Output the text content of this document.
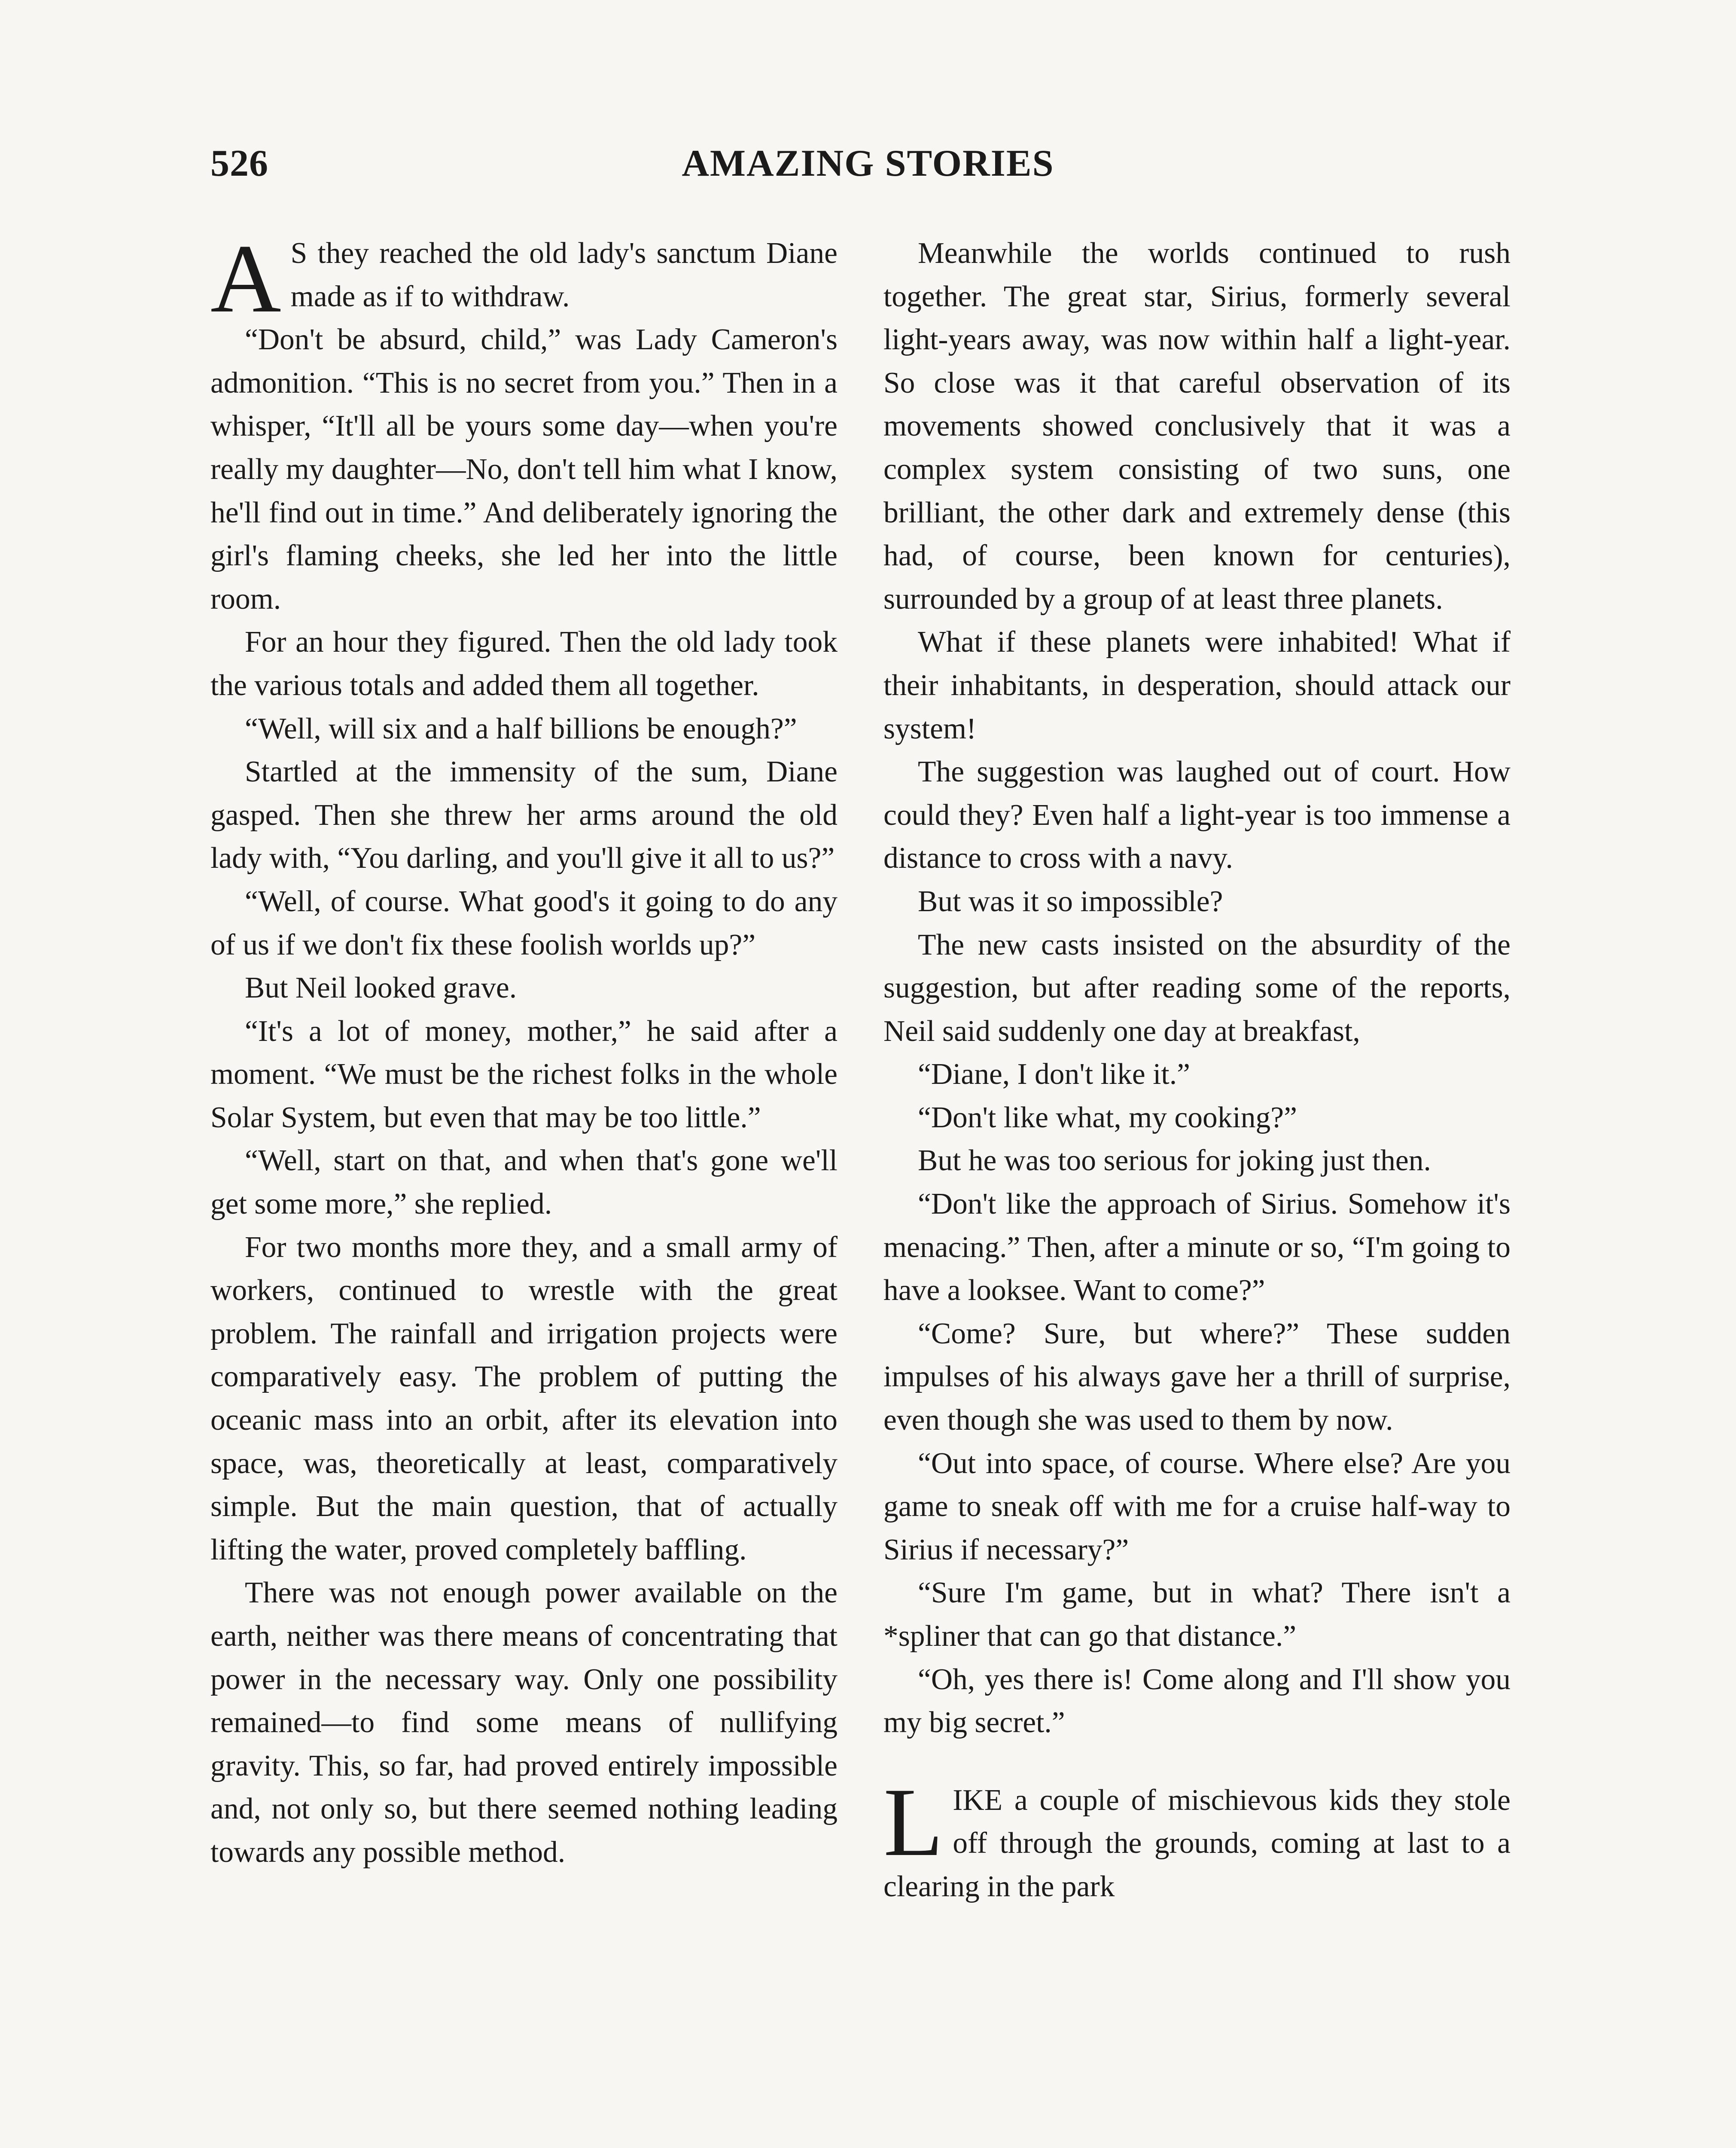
526	AMAZING STORIES

A S they reached the old lady's sanctum Diane made as if to withdraw.

“Don't be absurd, child,” was Lady Cameron's admonition. “This is no secret from you.” Then in a whisper, “It'll all be yours some day—when you're really my daughter—No, don't tell him what I know, he'll find out in time.” And deliberately ignoring the girl's flaming cheeks, she led her into the little room.

For an hour they figured. Then the old lady took the various totals and added them all together.

“Well, will six and a half billions be enough?”

Startled at the immensity of the sum, Diane gasped. Then she threw her arms around the old lady with, “You darling, and you'll give it all to us?”

“Well, of course. What good's it going to do any of us if we don't fix these foolish worlds up?”

But Neil looked grave.

“It's a lot of money, mother,” he said after a moment. “We must be the richest folks in the whole Solar System, but even that may be too little.”

“Well, start on that, and when that's gone we'll get some more,” she replied.

For two months more they, and a small army of workers, continued to wrestle with the great problem. The rainfall and irrigation projects were comparatively easy. The problem of putting the oceanic mass into an orbit, after its elevation into space, was, theoretically at least, comparatively simple. But the main question, that of actually lifting the water, proved completely baffling.

There was not enough power available on the earth, neither was there means of concentrating that power in the necessary way. Only one possibility remained—to find some means of nullifying gravity. This, so far, had proved entirely impossible and, not only so, but there seemed nothing leading towards any possible method.

Meanwhile the worlds continued to rush together. The great star, Sirius, formerly several light-years away, was now within half a light-year. So close was it that careful observation of its movements showed conclusively that it was a complex system consisting of two suns, one brilliant, the other dark and extremely dense (this had, of course, been known for centuries), surrounded by a group of at least three planets.

What if these planets were inhabited! What if their inhabitants, in desperation, should attack our system!

The suggestion was laughed out of court. How could they? Even half a light-year is too immense a distance to cross with a navy.

But was it so impossible?

The new casts insisted on the absurdity of the suggestion, but after reading some of the reports, Neil said suddenly one day at breakfast,

“Diane, I don't like it.”

“Don't like what, my cooking?”

But he was too serious for joking just then.

“Don't like the approach of Sirius. Somehow it's menacing.” Then, after a minute or so, “I'm going to have a looksee. Want to come?”

“Come? Sure, but where?” These sudden impulses of his always gave her a thrill of surprise, even though she was used to them by now.

“Out into space, of course. Where else? Are you game to sneak off with me for a cruise half-way to Sirius if necessary?”

“Sure I'm game, but in what? There isn't a *spliner that can go that distance.”

“Oh, yes there is! Come along and I'll show you my big secret.”

LIKE a couple of mischievous kids they stole off through the grounds, coming at last to a clearing in the park
